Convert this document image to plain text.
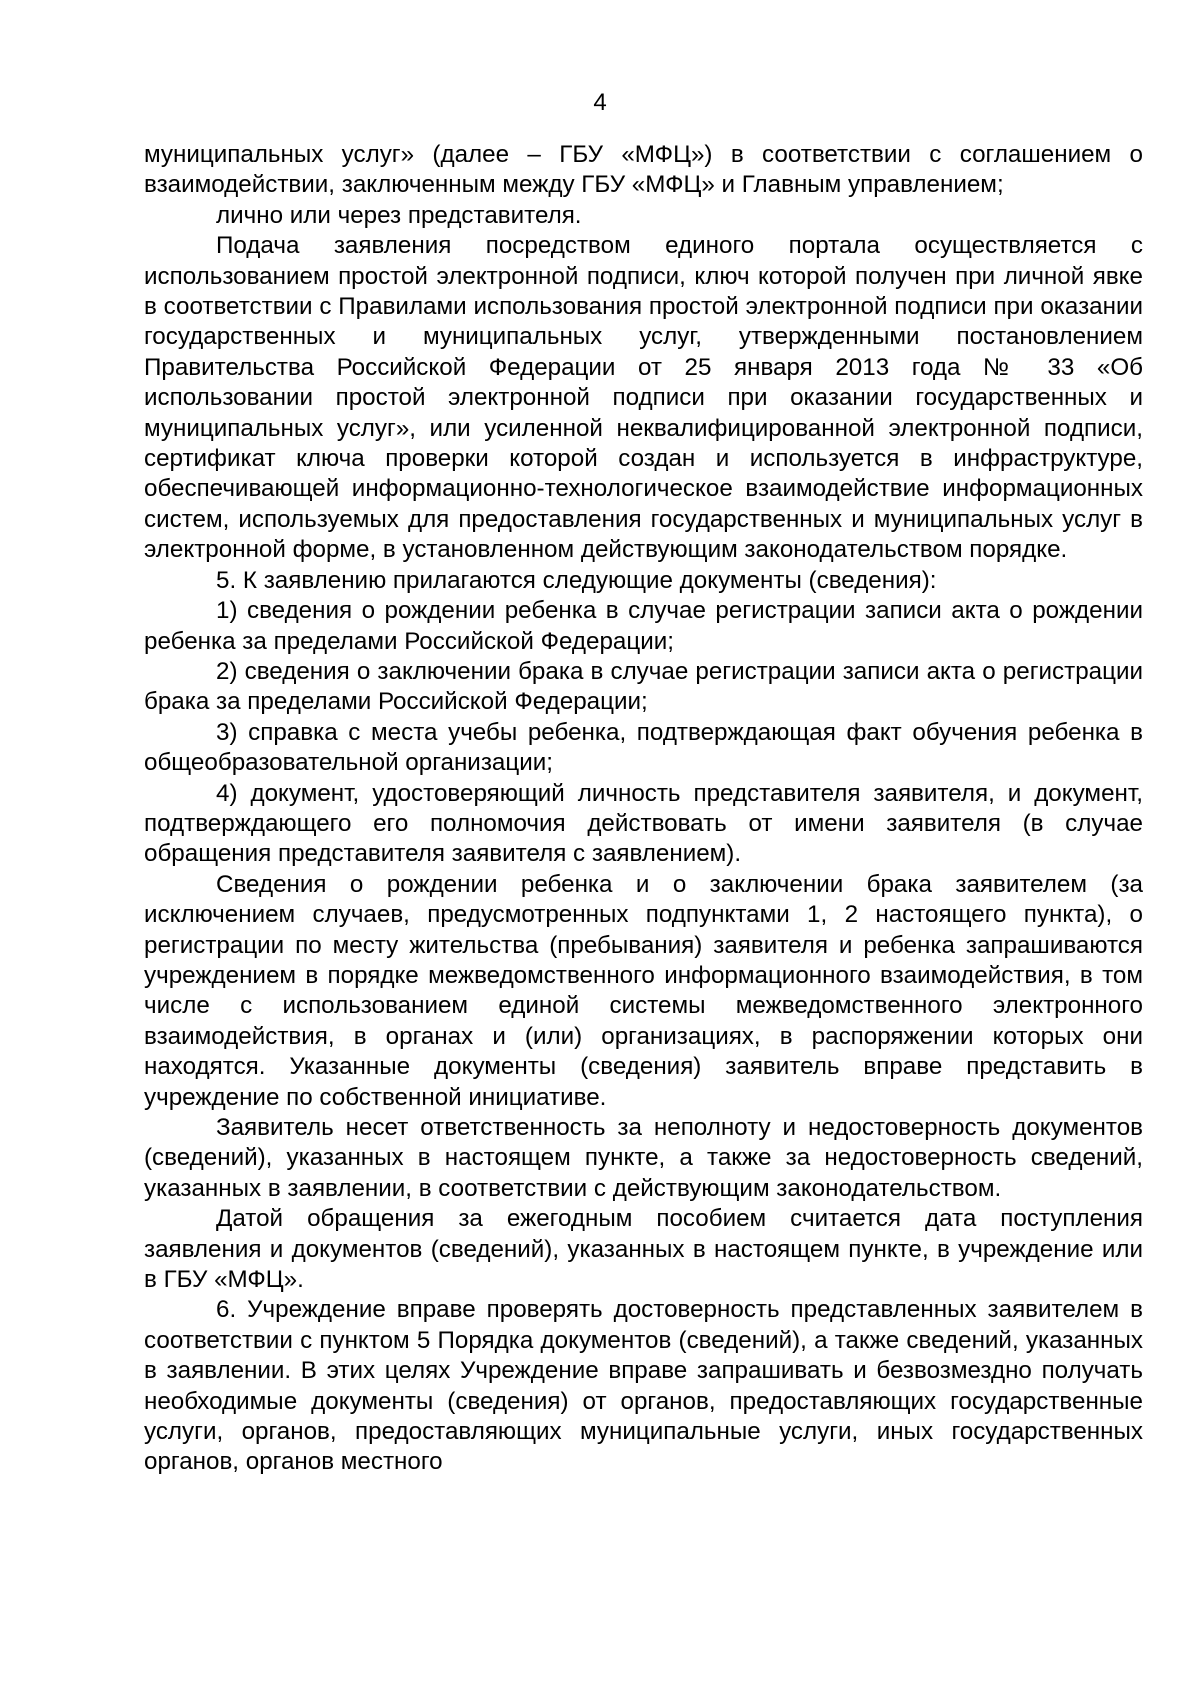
4

муниципальных услуг» (далее – ГБУ «МФЦ») в соответствии с соглашением о взаимодействии, заключенным между ГБУ «МФЦ» и Главным управлением;

лично или через представителя.

Подача заявления посредством единого портала осуществляется с использованием простой электронной подписи, ключ которой получен при личной явке в соответствии с Правилами использования простой электронной подписи при оказании государственных и муниципальных услуг, утвержденными постановлением Правительства Российской Федерации от 25 января 2013 года № 33 «Об использовании простой электронной подписи при оказании государственных и муниципальных услуг», или усиленной неквалифицированной электронной подписи, сертификат ключа проверки которой создан и используется в инфраструктуре, обеспечивающей информационно-технологическое взаимодействие информационных систем, используемых для предоставления государственных и муниципальных услуг в электронной форме, в установленном действующим законодательством порядке.

5. К заявлению прилагаются следующие документы (сведения):

1) сведения о рождении ребенка в случае регистрации записи акта о рождении ребенка за пределами Российской Федерации;

2) сведения о заключении брака в случае регистрации записи акта о регистрации брака за пределами Российской Федерации;

3) справка с места учебы ребенка, подтверждающая факт обучения ребенка в общеобразовательной организации;

4) документ, удостоверяющий личность представителя заявителя, и документ, подтверждающего его полномочия действовать от имени заявителя (в случае обращения представителя заявителя с заявлением).

Сведения о рождении ребенка и о заключении брака заявителем (за исключением случаев, предусмотренных подпунктами 1, 2 настоящего пункта), о регистрации по месту жительства (пребывания) заявителя и ребенка запрашиваются учреждением в порядке межведомственного информационного взаимодействия, в том числе с использованием единой системы межведомственного электронного взаимодействия, в органах и (или) организациях, в распоряжении которых они находятся. Указанные документы (сведения) заявитель вправе представить в учреждение по собственной инициативе.

Заявитель несет ответственность за неполноту и недостоверность документов (сведений), указанных в настоящем пункте, а также за недостоверность сведений, указанных в заявлении, в соответствии с действующим законодательством.

Датой обращения за ежегодным пособием считается дата поступления заявления и документов (сведений), указанных в настоящем пункте, в учреждение или в ГБУ «МФЦ».

6. Учреждение вправе проверять достоверность представленных заявителем в соответствии с пунктом 5 Порядка документов (сведений), а также сведений, указанных в заявлении. В этих целях Учреждение вправе запрашивать и безвозмездно получать необходимые документы (сведения) от органов, предоставляющих государственные услуги, органов, предоставляющих муниципальные услуги, иных государственных органов, органов местного
